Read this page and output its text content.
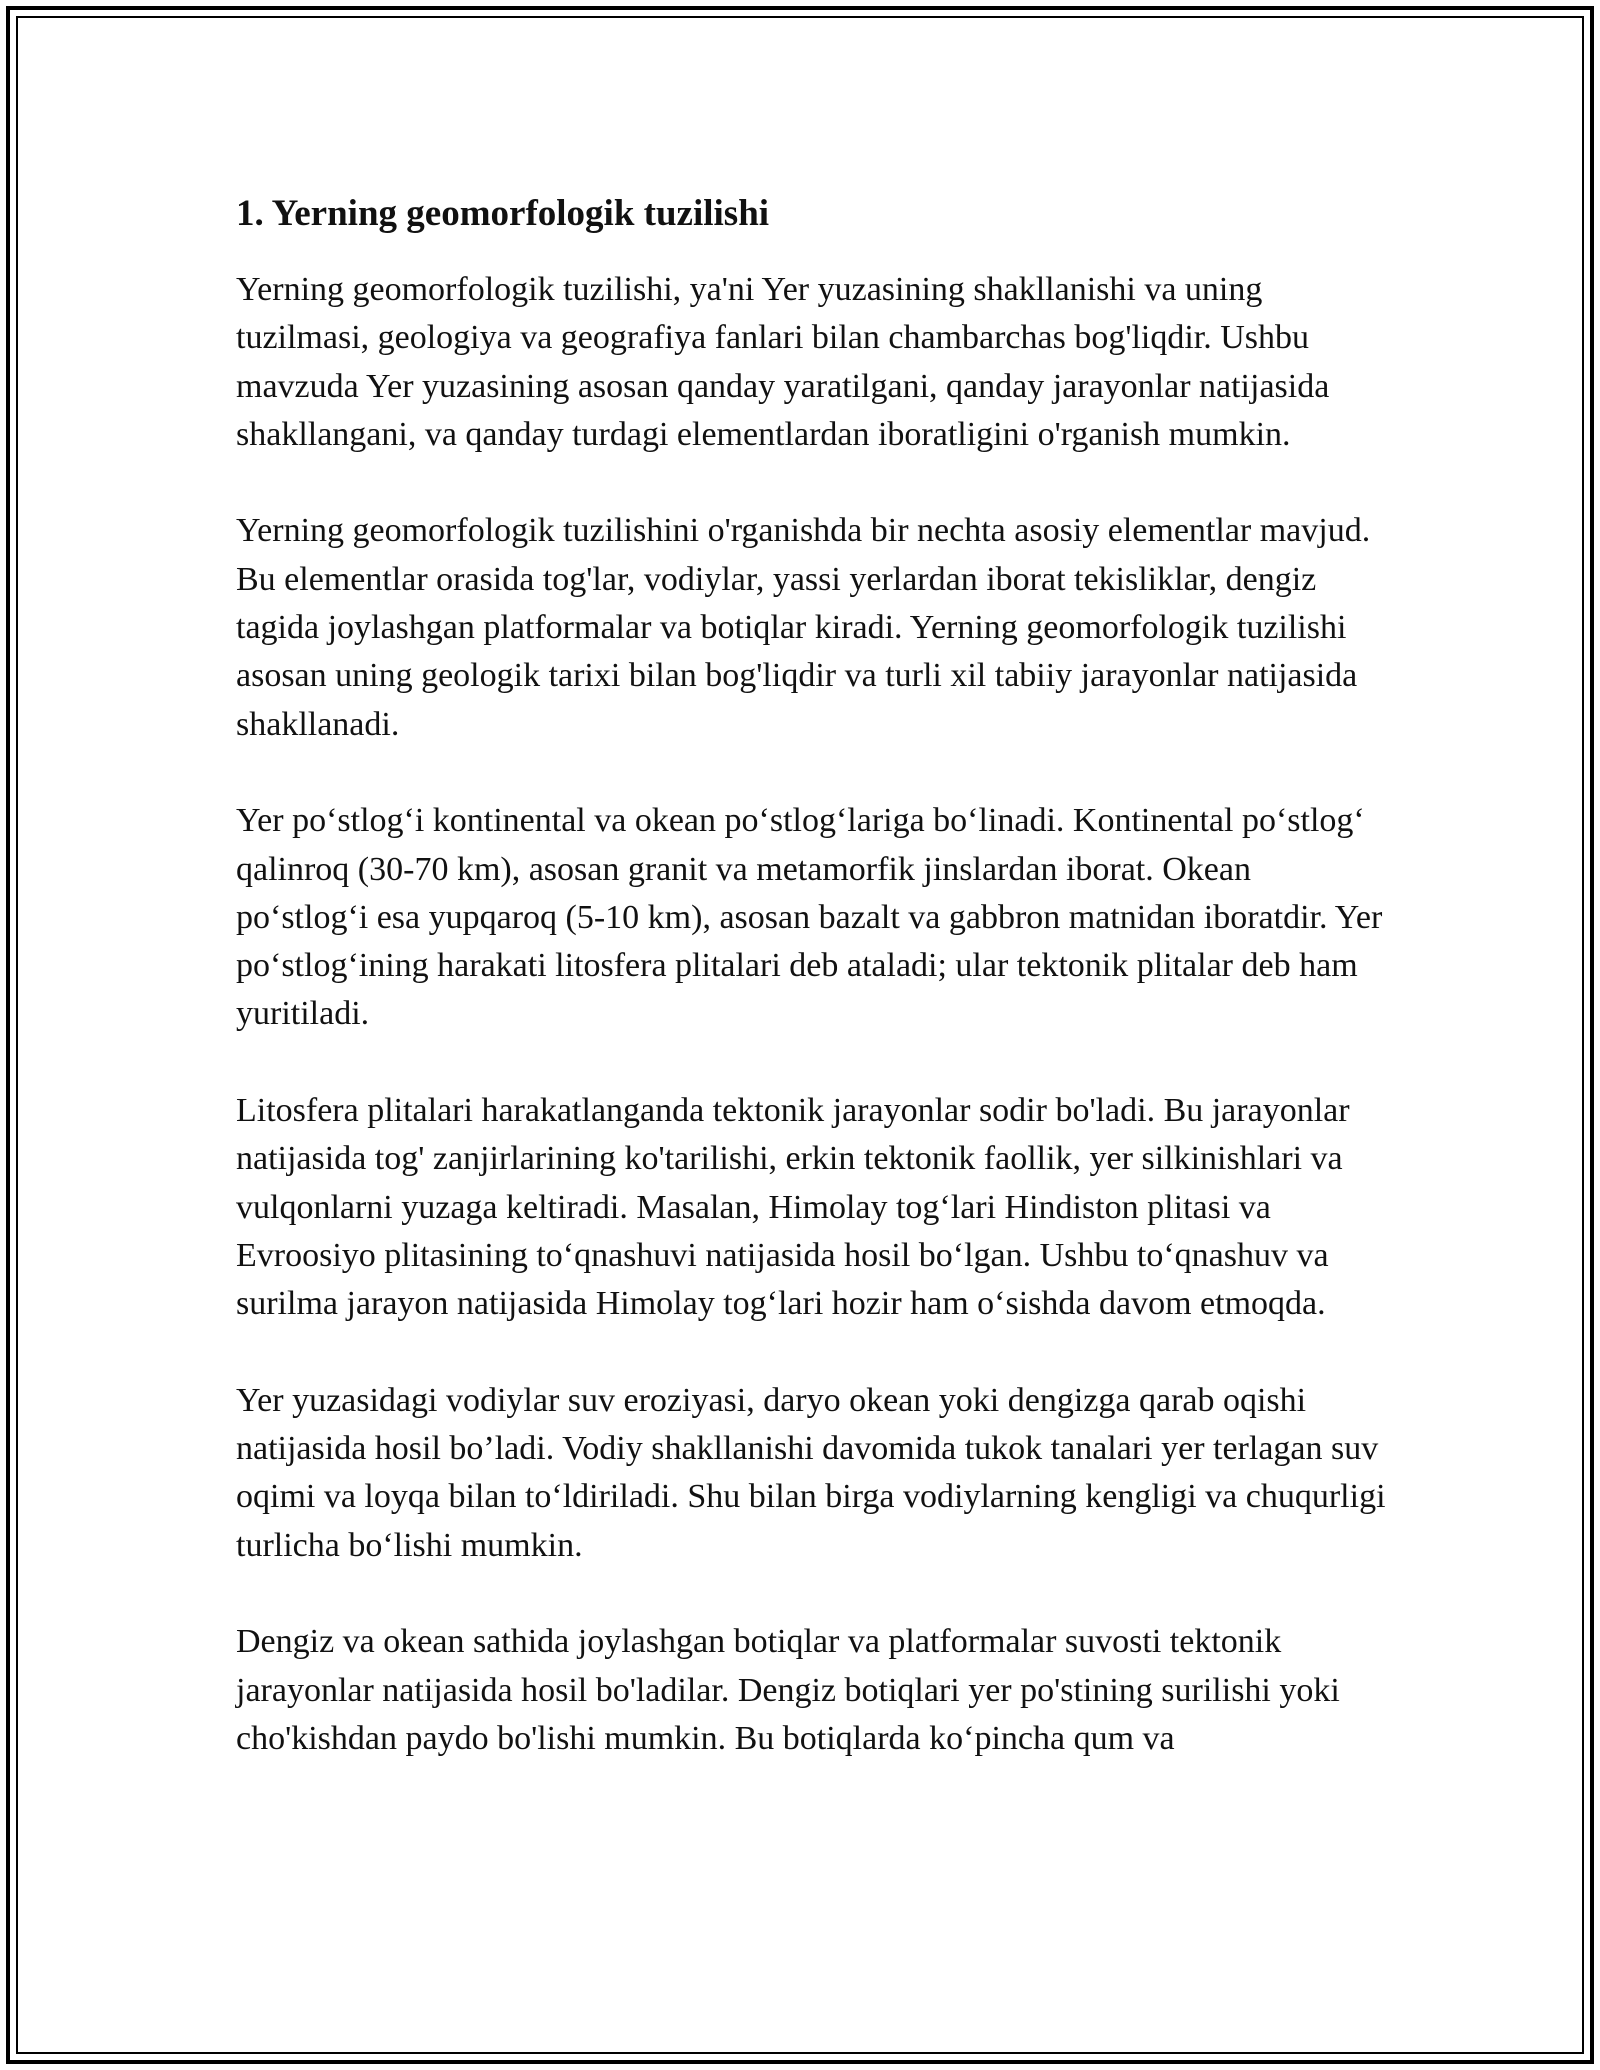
1. Yerning geomorfologik tuzilishi

Yerning geomorfologik tuzilishi, ya'ni Yer yuzasining shakllanishi va uning tuzilmasi, geologiya va geografiya fanlari bilan chambarchas bog'liqdir. Ushbu mavzuda Yer yuzasining asosan qanday yaratilgani, qanday jarayonlar natijasida shakllangani, va qanday turdagi elementlardan iboratligini o'rganish mumkin.

Yerning geomorfologik tuzilishini o'rganishda bir nechta asosiy elementlar mavjud. Bu elementlar orasida tog'lar, vodiylar, yassi yerlardan iborat tekisliklar, dengiz tagida joylashgan platformalar va botiqlar kiradi. Yerning geomorfologik tuzilishi asosan uning geologik tarixi bilan bog'liqdir va turli xil tabiiy jarayonlar natijasida shakllanadi.

Yer poʻstlogʻi kontinental va okean poʻstlogʻlariga boʻlinadi. Kontinental poʻstlogʻ qalinroq (30-70 km), asosan granit va metamorfik jinslardan iborat. Okean poʻstlogʻi esa yupqaroq (5-10 km), asosan bazalt va gabbron matnidan iboratdir. Yer poʻstlogʻining harakati litosfera plitalari deb ataladi; ular tektonik plitalar deb ham yuritiladi.

Litosfera plitalari harakatlanganda tektonik jarayonlar sodir bo'ladi. Bu jarayonlar natijasida tog' zanjirlarining ko'tarilishi, erkin tektonik faollik, yer silkinishlari va vulqonlarni yuzaga keltiradi. Masalan, Himolay togʻlari Hindiston plitasi va Evroosiyo plitasining toʻqnashuvi natijasida hosil boʻlgan. Ushbu toʻqnashuv va surilma jarayon natijasida Himolay togʻlari hozir ham oʻsishda davom etmoqda.

Yer yuzasidagi vodiylar suv eroziyasi, daryo okean yoki dengizga qarab oqishi natijasida hosil bo’ladi. Vodiy shakllanishi davomida tukok tanalari yer terlagan suv oqimi va loyqa bilan toʻldiriladi. Shu bilan birga vodiylarning kengligi va chuqurligi turlicha boʻlishi mumkin.

Dengiz va okean sathida joylashgan botiqlar va platformalar suvosti tektonik jarayonlar natijasida hosil bo'ladilar. Dengiz botiqlari yer po'stining surilishi yoki cho'kishdan paydo bo'lishi mumkin. Bu botiqlarda koʻpincha qum va
